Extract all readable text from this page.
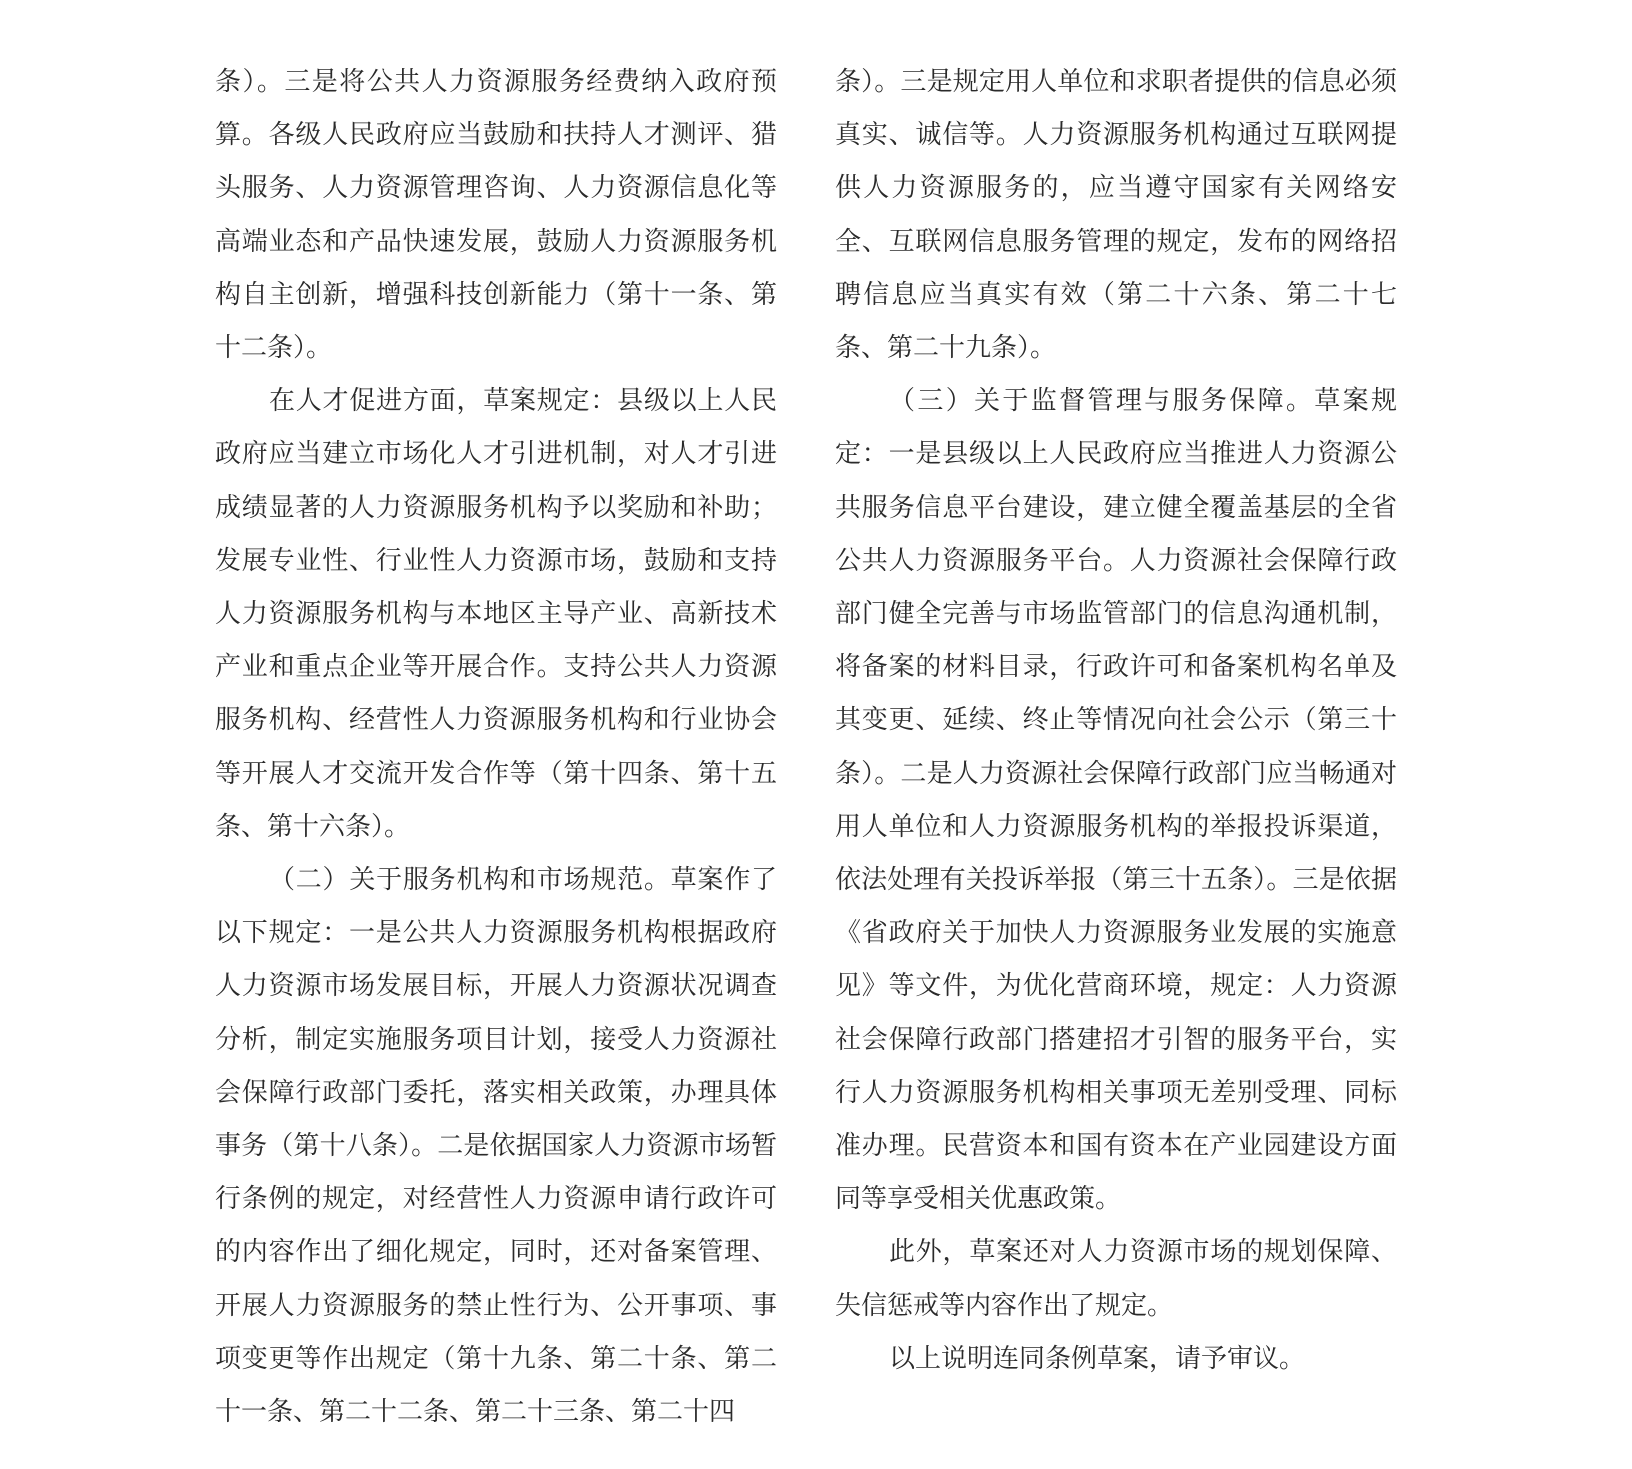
条）。三是将公共人力资源服务经费纳入政府预算。各级人民政府应当鼓励和扶持人才测评、猎头服务、人力资源管理咨询、人力资源信息化等高端业态和产品快速发展，鼓励人力资源服务机构自主创新，增强科技创新能力（第十一条、第十二条）。

在人才促进方面，草案规定：县级以上人民政府应当建立市场化人才引进机制，对人才引进成绩显著的人力资源服务机构予以奖励和补助；发展专业性、行业性人力资源市场，鼓励和支持人力资源服务机构与本地区主导产业、高新技术产业和重点企业等开展合作。支持公共人力资源服务机构、经营性人力资源服务机构和行业协会等开展人才交流开发合作等（第十四条、第十五条、第十六条）。

（二）关于服务机构和市场规范。草案作了以下规定：一是公共人力资源服务机构根据政府人力资源市场发展目标，开展人力资源状况调查分析，制定实施服务项目计划，接受人力资源社会保障行政部门委托，落实相关政策，办理具体事务（第十八条）。二是依据国家人力资源市场暂行条例的规定，对经营性人力资源申请行政许可的内容作出了细化规定，同时，还对备案管理、开展人力资源服务的禁止性行为、公开事项、事项变更等作出规定（第十九条、第二十条、第二十一条、第二十二条、第二十三条、第二十四

条）。三是规定用人单位和求职者提供的信息必须真实、诚信等。人力资源服务机构通过互联网提供人力资源服务的，应当遵守国家有关网络安全、互联网信息服务管理的规定，发布的网络招聘信息应当真实有效（第二十六条、第二十七条、第二十九条）。

（三）关于监督管理与服务保障。草案规定：一是县级以上人民政府应当推进人力资源公共服务信息平台建设，建立健全覆盖基层的全省公共人力资源服务平台。人力资源社会保障行政部门健全完善与市场监管部门的信息沟通机制，将备案的材料目录，行政许可和备案机构名单及其变更、延续、终止等情况向社会公示（第三十条）。二是人力资源社会保障行政部门应当畅通对用人单位和人力资源服务机构的举报投诉渠道，依法处理有关投诉举报（第三十五条）。三是依据《省政府关于加快人力资源服务业发展的实施意见》等文件，为优化营商环境，规定：人力资源社会保障行政部门搭建招才引智的服务平台，实行人力资源服务机构相关事项无差别受理、同标准办理。民营资本和国有资本在产业园建设方面同等享受相关优惠政策。

此外，草案还对人力资源市场的规划保障、失信惩戒等内容作出了规定。

以上说明连同条例草案，请予审议。
